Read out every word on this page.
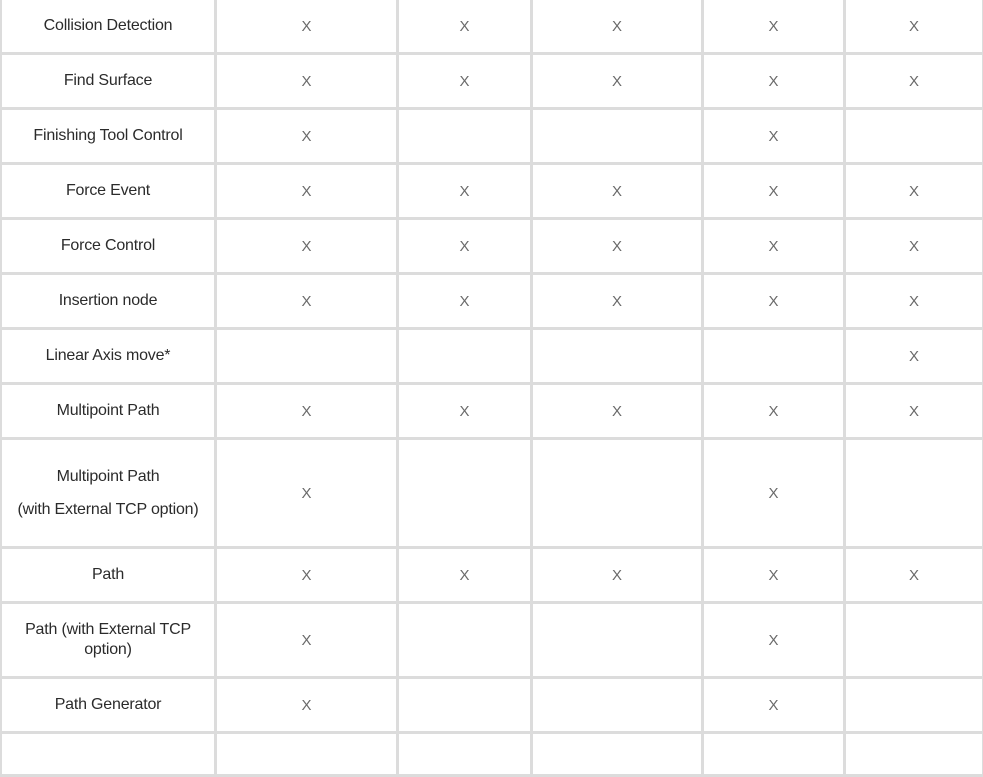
Collision Detection	X	X	X	X	X

Find Surface	X	X	X	X	X

Finishing Tool Control	X			X	

Force Event	X	X	X	X	X

Force Control	X	X	X	X	X

Insertion node	X	X	X	X	X

Linear Axis move*					X

Multipoint Path	X	X	X	X	X

Multipoint Path
(with External TCP option)	X			X	

Path	X	X	X	X	X

Path (with External TCP option)	X			X	

Path Generator	X			X	
